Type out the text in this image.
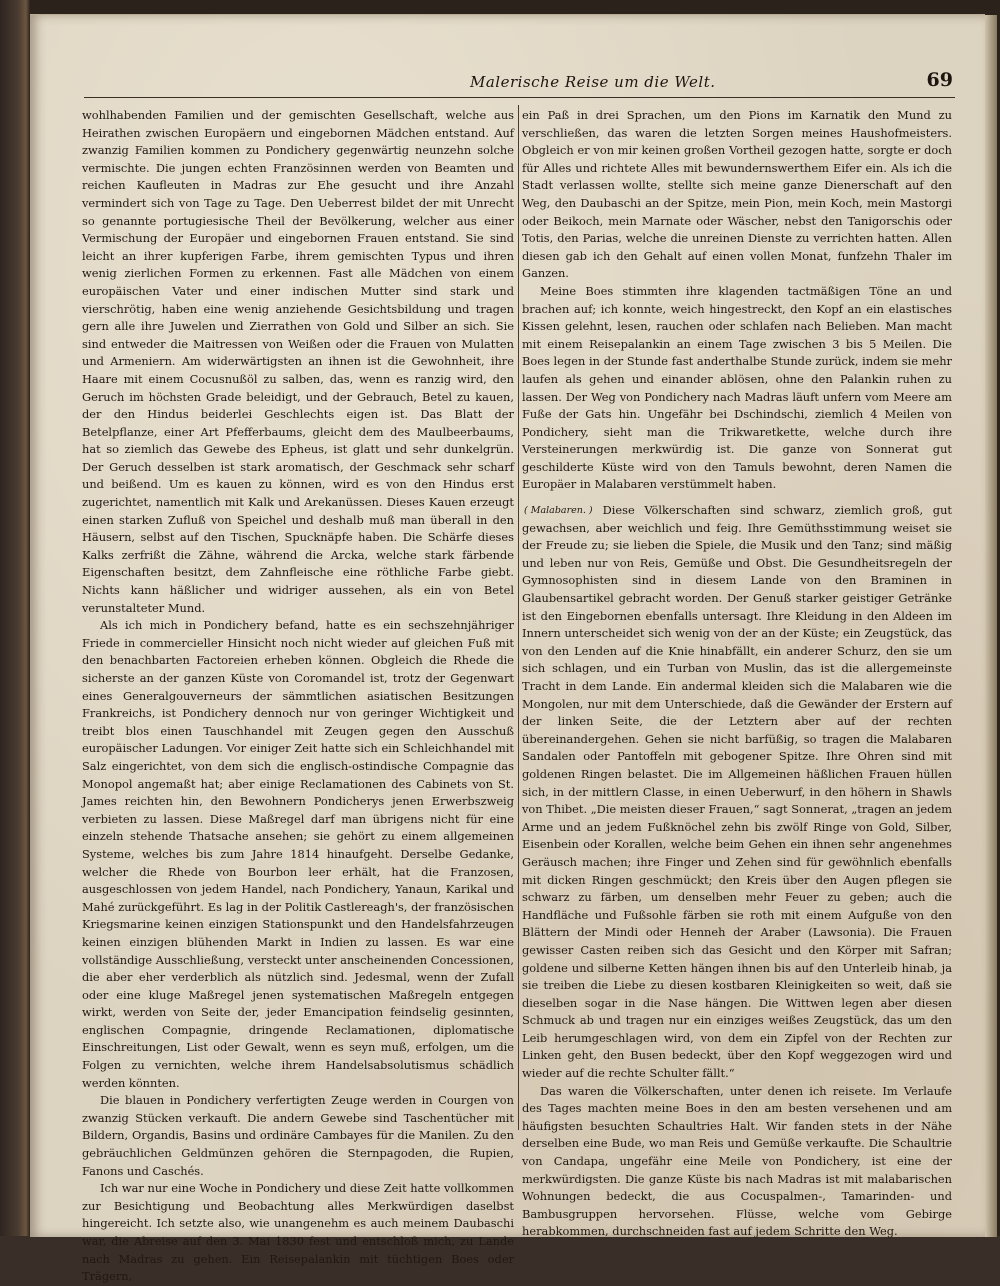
Malerische Reise um die Welt.	69

wohlhabenden Familien und der gemischten Gesellschaft, welche aus Heirathen zwischen Europäern und eingebornen Mädchen entstand. Auf zwanzig Familien kommen zu Pondichery gegenwärtig neunzehn solche vermischte. Die jungen echten Französinnen werden von Beamten und reichen Kaufleuten in Madras zur Ehe gesucht und ihre Anzahl vermindert sich von Tage zu Tage. Den Ueberrest bildet der mit Unrecht so genannte portugiesische Theil der Bevölkerung, welcher aus einer Vermischung der Europäer und eingebornen Frauen entstand. Sie sind leicht an ihrer kupferigen Farbe, ihrem gemischten Typus und ihren wenig zierlichen Formen zu erkennen. Fast alle Mädchen von einem europäischen Vater und einer indischen Mutter sind stark und vierschrötig, haben eine wenig anziehende Gesichtsbildung und tragen gern alle ihre Juwelen und Zierrathen von Gold und Silber an sich. Sie sind entweder die Maitressen von Weißen oder die Frauen von Mulatten und Armeniern. Am widerwärtigsten an ihnen ist die Gewohnheit, ihre Haare mit einem Cocusnußöl zu salben, das, wenn es ranzig wird, den Geruch im höchsten Grade beleidigt, und der Gebrauch, Betel zu kauen, der den Hindus beiderlei Geschlechts eigen ist. Das Blatt der Betelpflanze, einer Art Pfefferbaums, gleicht dem des Maulbeerbaums, hat so ziemlich das Gewebe des Epheus, ist glatt und sehr dunkelgrün. Der Geruch desselben ist stark aromatisch, der Geschmack sehr scharf und beißend. Um es kauen zu können, wird es von den Hindus erst zugerichtet, namentlich mit Kalk und Arekanüssen. Dieses Kauen erzeugt einen starken Zufluß von Speichel und deshalb muß man überall in den Häusern, selbst auf den Tischen, Spucknäpfe haben. Die Schärfe dieses Kalks zerfrißt die Zähne, während die Arcka, welche stark färbende Eigenschaften besitzt, dem Zahnfleische eine röthliche Farbe giebt. Nichts kann häßlicher und widriger aussehen, als ein von Betel verunstalteter Mund.

Als ich mich in Pondichery befand, hatte es ein sechszehnjähriger Friede in commercieller Hinsicht noch nicht wieder auf gleichen Fuß mit den benachbarten Factoreien erheben können. Obgleich die Rhede die sicherste an der ganzen Küste von Coromandel ist, trotz der Gegenwart eines Generalgouverneurs der sämmtlichen asiatischen Besitzungen Frankreichs, ist Pondichery dennoch nur von geringer Wichtigkeit und treibt blos einen Tauschhandel mit Zeugen gegen den Ausschuß europäischer Ladungen. Vor einiger Zeit hatte sich ein Schleichhandel mit Salz eingerichtet, von dem sich die englisch-ostindische Compagnie das Monopol angemaßt hat; aber einige Reclamationen des Cabinets von St. James reichten hin, den Bewohnern Pondicherys jenen Erwerbszweig verbieten zu lassen. Diese Maßregel darf man übrigens nicht für eine einzeln stehende Thatsache ansehen; sie gehört zu einem allgemeinen Systeme, welches bis zum Jahre 1814 hinaufgeht. Derselbe Gedanke, welcher die Rhede von Bourbon leer erhält, hat die Franzosen, ausgeschlossen von jedem Handel, nach Pondichery, Yanaun, Karikal und Mahé zurückgeführt. Es lag in der Politik Castlereagh's, der französischen Kriegsmarine keinen einzigen Stationspunkt und den Handelsfahrzeugen keinen einzigen blühenden Markt in Indien zu lassen. Es war eine vollständige Ausschließung, versteckt unter anscheinenden Concessionen, die aber eher verderblich als nützlich sind. Jedesmal, wenn der Zufall oder eine kluge Maßregel jenen systematischen Maßregeln entgegen wirkt, werden von Seite der, jeder Emancipation feindselig gesinnten, englischen Compagnie, dringende Reclamationen, diplomatische Einschreitungen, List oder Gewalt, wenn es seyn muß, erfolgen, um die Folgen zu vernichten, welche ihrem Handelsabsolutismus schädlich werden könnten.

Die blauen in Pondichery verfertigten Zeuge werden in Courgen von zwanzig Stücken verkauft. Die andern Gewebe sind Taschentücher mit Bildern, Organdis, Basins und ordinäre Cambayes für die Manilen. Zu den gebräuchlichen Geldmünzen gehören die Sternpagoden, die Rupien, Fanons und Caschés.

Ich war nur eine Woche in Pondichery und diese Zeit hatte vollkommen zur Besichtigung und Beobachtung alles Merkwürdigen daselbst hingereicht. Ich setzte also, wie unangenehm es auch meinem Daubaschi war, die Abreise auf den 3. Mai 1830 fest und entschloß mich, zu Lande nach Madras zu gehen. Ein Reisepalankin mit tüchtigen Boes oder Trägern,

ein Paß in drei Sprachen, um den Pions im Karnatik den Mund zu verschließen, das waren die letzten Sorgen meines Haushofmeisters. Obgleich er von mir keinen großen Vortheil gezogen hatte, sorgte er doch für Alles und richtete Alles mit bewundernswerthem Eifer ein. Als ich die Stadt verlassen wollte, stellte sich meine ganze Dienerschaft auf den Weg, den Daubaschi an der Spitze, mein Pion, mein Koch, mein Mastorgi oder Beikoch, mein Marnate oder Wäscher, nebst den Tanigorschis oder Totis, den Parias, welche die unreinen Dienste zu verrichten hatten. Allen diesen gab ich den Gehalt auf einen vollen Monat, funfzehn Thaler im Ganzen.

Meine Boes stimmten ihre klagenden tactmäßigen Töne an und brachen auf; ich konnte, weich hingestreckt, den Kopf an ein elastisches Kissen gelehnt, lesen, rauchen oder schlafen nach Belieben. Man macht mit einem Reisepalankin an einem Tage zwischen 3 bis 5 Meilen. Die Boes legen in der Stunde fast anderthalbe Stunde zurück, indem sie mehr laufen als gehen und einander ablösen, ohne den Palankin ruhen zu lassen. Der Weg von Pondichery nach Madras läuft unfern vom Meere am Fuße der Gats hin. Ungefähr bei Dschindschi, ziemlich 4 Meilen von Pondichery, sieht man die Trikwaretkette, welche durch ihre Versteinerungen merkwürdig ist. Die ganze von Sonnerat gut geschilderte Küste wird von den Tamuls bewohnt, deren Namen die Europäer in Malabaren verstümmelt haben.

( Malabaren. ) Diese Völkerschaften sind schwarz, ziemlich groß, gut gewachsen, aber weichlich und feig. Ihre Gemüthsstimmung weiset sie der Freude zu; sie lieben die Spiele, die Musik und den Tanz; sind mäßig und leben nur von Reis, Gemüße und Obst. Die Gesundheitsregeln der Gymnosophisten sind in diesem Lande von den Braminen in Glaubensartikel gebracht worden. Der Genuß starker geistiger Getränke ist den Eingebornen ebenfalls untersagt. Ihre Kleidung in den Aldeen im Innern unterscheidet sich wenig von der an der Küste; ein Zeugstück, das von den Lenden auf die Knie hinabfällt, ein anderer Schurz, den sie um sich schlagen, und ein Turban von Muslin, das ist die allergemeinste Tracht in dem Lande. Ein andermal kleiden sich die Malabaren wie die Mongolen, nur mit dem Unterschiede, daß die Gewänder der Erstern auf der linken Seite, die der Letztern aber auf der rechten übereinandergehen. Gehen sie nicht barfüßig, so tragen die Malabaren Sandalen oder Pantoffeln mit gebogener Spitze. Ihre Ohren sind mit goldenen Ringen belastet. Die im Allgemeinen häßlichen Frauen hüllen sich, in der mittlern Classe, in einen Ueberwurf, in den höhern in Shawls von Thibet. „Die meisten dieser Frauen,“ sagt Sonnerat, „tragen an jedem Arme und an jedem Fußknöchel zehn bis zwölf Ringe von Gold, Silber, Eisenbein oder Korallen, welche beim Gehen ein ihnen sehr angenehmes Geräusch machen; ihre Finger und Zehen sind für gewöhnlich ebenfalls mit dicken Ringen geschmückt; den Kreis über den Augen pflegen sie schwarz zu färben, um denselben mehr Feuer zu geben; auch die Handfläche und Fußsohle färben sie roth mit einem Aufguße von den Blättern der Mindi oder Henneh der Araber (Lawsonia). Die Frauen gewisser Casten reiben sich das Gesicht und den Körper mit Safran; goldene und silberne Ketten hängen ihnen bis auf den Unterleib hinab, ja sie treiben die Liebe zu diesen kostbaren Kleinigkeiten so weit, daß sie dieselben sogar in die Nase hängen. Die Wittwen legen aber diesen Schmuck ab und tragen nur ein einziges weißes Zeugstück, das um den Leib herumgeschlagen wird, von dem ein Zipfel von der Rechten zur Linken geht, den Busen bedeckt, über den Kopf weggezogen wird und wieder auf die rechte Schulter fällt.“

Das waren die Völkerschaften, unter denen ich reisete. Im Verlaufe des Tages machten meine Boes in den am besten versehenen und am häufigsten besuchten Schaultries Halt. Wir fanden stets in der Nähe derselben eine Bude, wo man Reis und Gemüße verkaufte. Die Schaultrie von Candapa, ungefähr eine Meile von Pondichery, ist eine der merkwürdigsten. Die ganze Küste bis nach Madras ist mit malabarischen Wohnungen bedeckt, die aus Cocuspalmen-, Tamarinden- und Bambusgruppen hervorsehen. Flüsse, welche vom Gebirge herabkommen, durchschneiden fast auf jedem Schritte den Weg.
